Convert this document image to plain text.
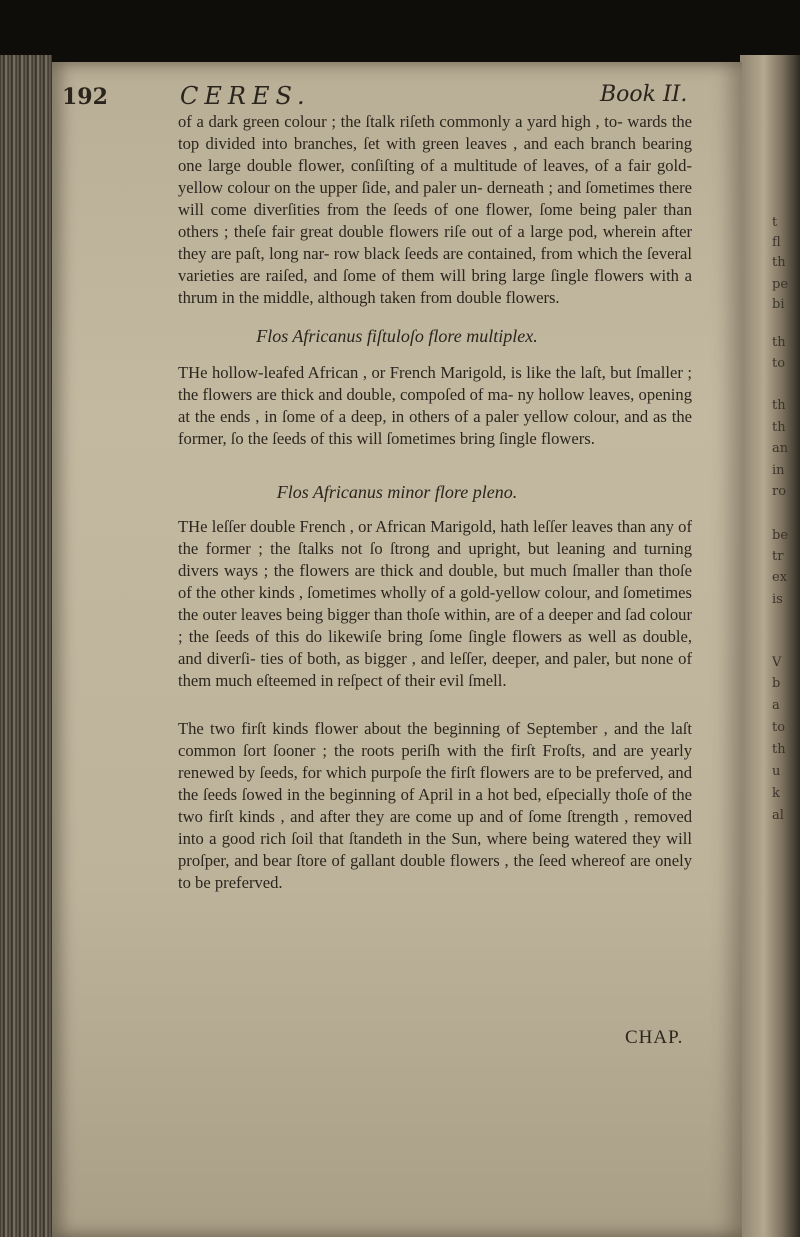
192	CERES.	Book II.

of a dark green colour ; the ſtalk riſeth commonly a yard high , to- wards the top divided into branches, ſet with green leaves , and each branch bearing one large double flower, conſiſting of a multitude of leaves, of a fair gold-yellow colour on the upper ſide, and paler un- derneath ; and ſometimes there will come diverſities from the ſeeds of one flower, ſome being paler than others ; theſe fair great double flowers riſe out of a large pod, wherein after they are paſt, long nar- row black ſeeds are contained, from which the ſeveral varieties are raiſed, and ſome of them will bring large ſingle flowers with a thrum in the middle, although taken from double flowers.

Flos Africanus fiſtuloſo flore multiplex.

THe hollow-leafed African , or French Marigold, is like the laſt, but ſmaller ; the flowers are thick and double, compoſed of ma- ny hollow leaves, opening at the ends , in ſome of a deep, in others of a paler yellow colour, and as the former, ſo the ſeeds of this will ſometimes bring ſingle flowers.

Flos Africanus minor flore pleno.

THe leſſer double French , or African Marigold, hath leſſer leaves than any of the former ; the ſtalks not ſo ſtrong and upright, but leaning and turning divers ways ; the flowers are thick and double, but much ſmaller than thoſe of the other kinds , ſometimes wholly of a gold-yellow colour, and ſometimes the outer leaves being bigger than thoſe within, are of a deeper and ſad colour ; the ſeeds of this do likewiſe bring ſome ſingle flowers as well as double, and diverſi- ties of both, as bigger , and leſſer, deeper, and paler, but none of them much eſteemed in reſpect of their evil ſmell.

The two firſt kinds flower about the beginning of September , and the laſt common ſort ſooner ; the roots periſh with the firſt Froſts, and are yearly renewed by ſeeds, for which purpoſe the firſt flowers are to be preferved, and the ſeeds ſowed in the beginning of April in a hot bed, eſpecially thoſe of the two firſt kinds , and after they are come up and of ſome ſtrength , removed into a good rich ſoil that ſtandeth in the Sun, where being watered they will proſper, and bear ſtore of gallant double flowers , the ſeed whereof are onely to be preferved.

CHAP.
t
fl
th
pe
bi
th
to
th
th
an
in
ro
be
tr
ex
is
V
b
a
to
th
u
k
al
